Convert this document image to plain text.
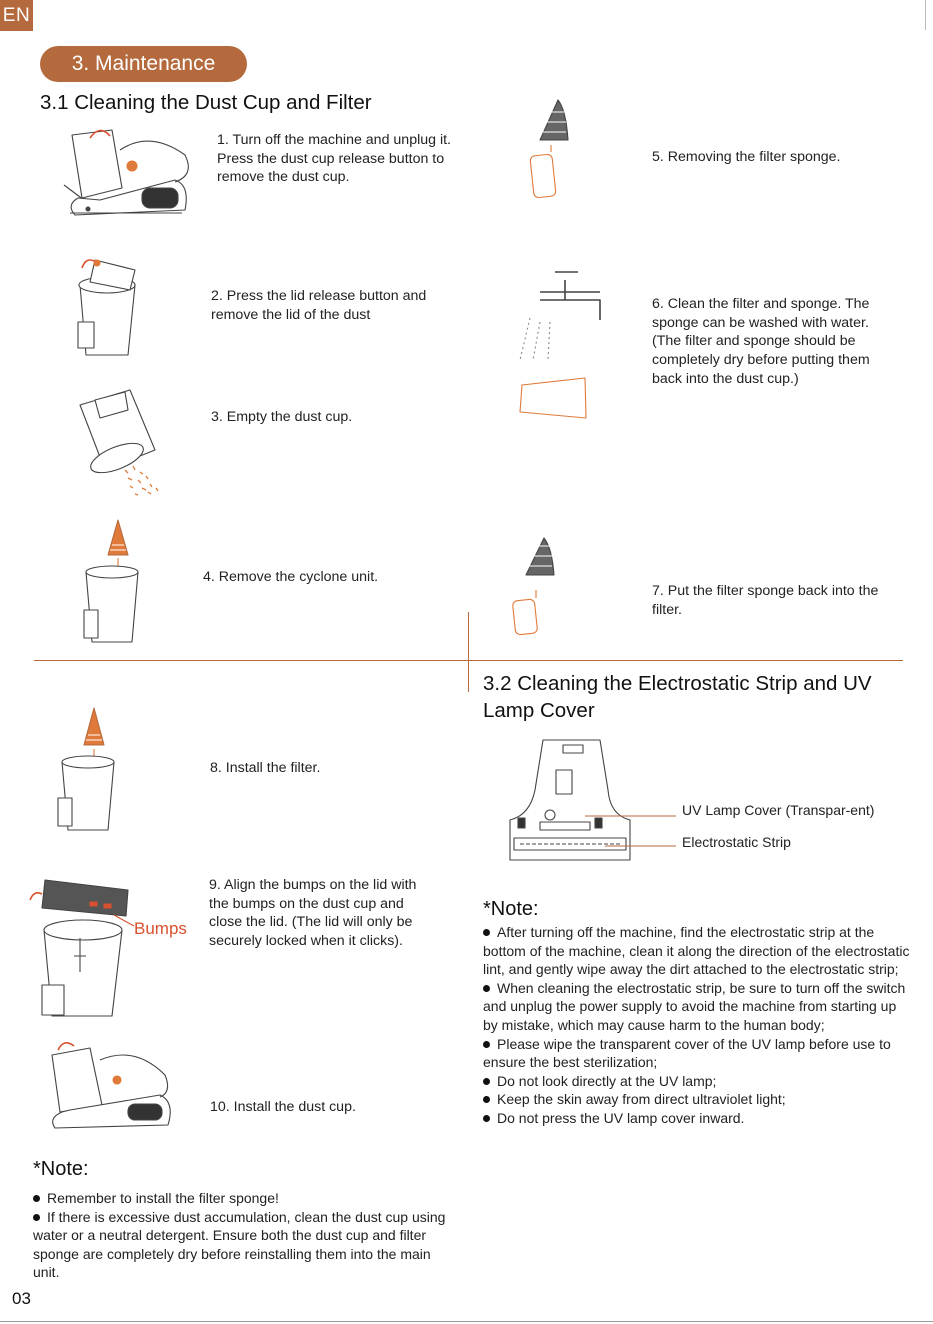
EN
3. Maintenance
3.1 Cleaning the Dust Cup and Filter
1. Turn off the machine and unplug it. Press the dust cup release button to remove the dust cup.
2. Press the lid release button and remove the lid of the dust
3. Empty the dust cup.
4. Remove the cyclone unit.
5. Removing the filter sponge.
6. Clean the filter and sponge. The sponge can be washed with water. (The filter and sponge should be completely dry before putting them back into the dust cup.)
7. Put the filter sponge back into the filter.
8. Install the filter.
9. Align the bumps on the lid with the bumps on the dust cup and close the lid. (The lid will only be securely locked when it clicks).
10. Install the dust cup.
Bumps
*Note:

Remember to install the filter sponge!

If there is excessive dust accumulation, clean the dust cup using water or a neutral detergent. Ensure both the dust cup and filter sponge are completely dry before reinstalling them into the main unit.

3.2 Cleaning the Electrostatic Strip and UV Lamp Cover
UV Lamp Cover (Transpar-ent)
Electrostatic Strip
*Note:

After turning off the machine, find the electrostatic strip at the bottom of the machine, clean it along the direction of the electrostatic lint, and gently wipe away the dirt attached to the electrostatic strip;

When cleaning the electrostatic strip, be sure to turn off the switch and unplug the power supply to avoid the machine from starting up by mistake, which may cause harm to the human body;

Please wipe the transparent cover of the UV lamp before use to ensure the best sterilization;

Do not look directly at the UV lamp;

Keep the skin away from direct ultraviolet light;

Do not press the UV lamp cover inward.

03
